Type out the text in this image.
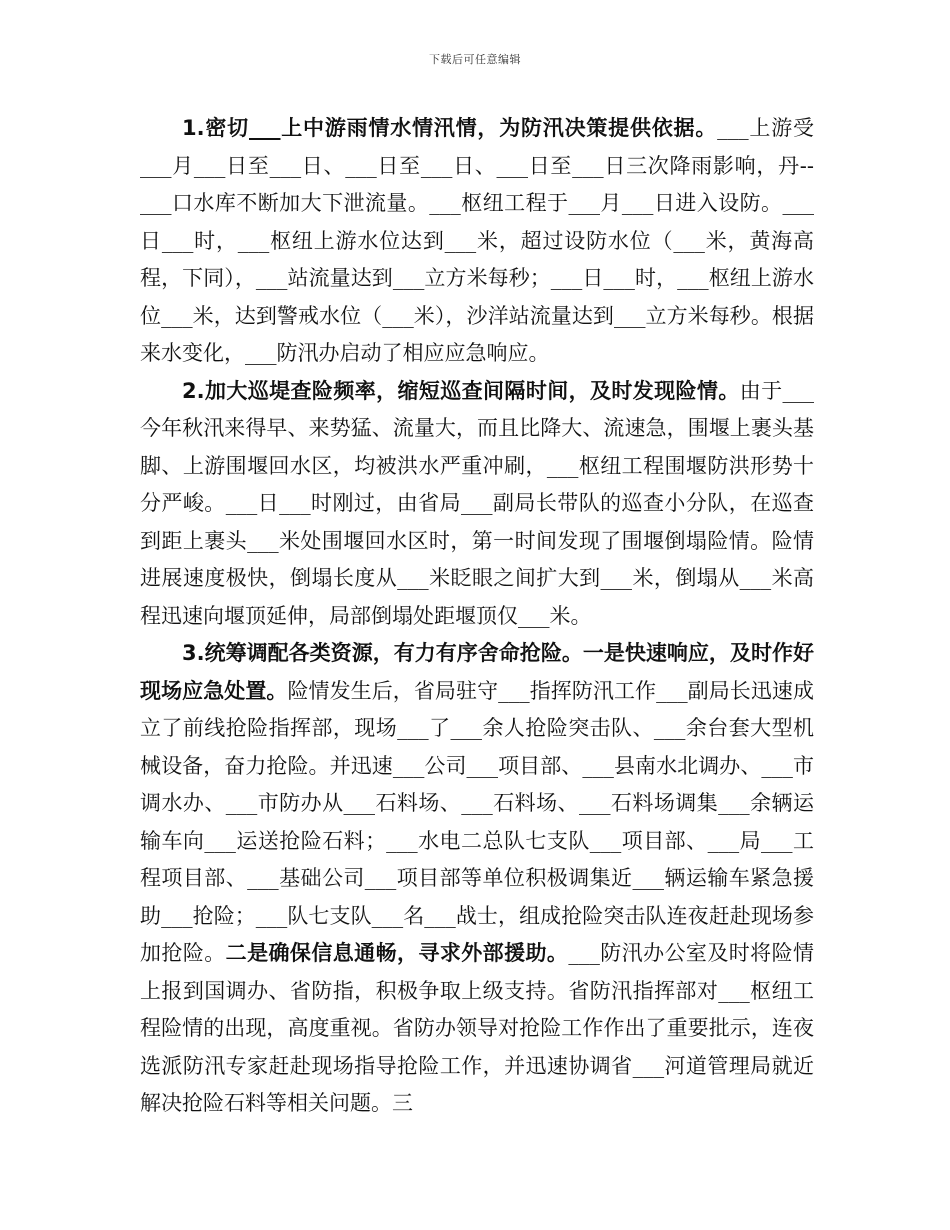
下载后可任意编辑

1.密切___上中游雨情水情汛情，为防汛决策提供依据。___上游受___月___日至___日、___日至___日、___日至___日三次降雨影响，丹--___口水库不断加大下泄流量。___枢纽工程于___月___日进入设防。___日___时，___枢纽上游水位达到___米，超过设防水位（___米，黄海高程，下同），___站流量达到___立方米每秒；___日___时，___枢纽上游水位___米，达到警戒水位（___米），沙洋站流量达到___立方米每秒。根据来水变化，___防汛办启动了相应应急响应。

2.加大巡堤查险频率，缩短巡查间隔时间，及时发现险情。由于___今年秋汛来得早、来势猛、流量大，而且比降大、流速急，围堰上裹头基脚、上游围堰回水区，均被洪水严重冲刷，___枢纽工程围堰防洪形势十分严峻。___日___时刚过，由省局___副局长带队的巡查小分队，在巡查到距上裹头___米处围堰回水区时，第一时间发现了围堰倒塌险情。险情进展速度极快，倒塌长度从___米眨眼之间扩大到___米，倒塌从___米高程迅速向堰顶延伸，局部倒塌处距堰顶仅___米。

3.统筹调配各类资源，有力有序舍命抢险。一是快速响应，及时作好现场应急处置。险情发生后，省局驻守___指挥防汛工作___副局长迅速成立了前线抢险指挥部，现场___了___余人抢险突击队、___余台套大型机械设备，奋力抢险。并迅速___公司___项目部、___县南水北调办、___市调水办、___市防办从___石料场、___石料场、___石料场调集___余辆运输车向___运送抢险石料；___水电二总队七支队___项目部、___局___工程项目部、___基础公司___项目部等单位积极调集近___辆运输车紧急援助___抢险；___队七支队___名___战士，组成抢险突击队连夜赶赴现场参加抢险。二是确保信息通畅，寻求外部援助。___防汛办公室及时将险情上报到国调办、省防指，积极争取上级支持。省防汛指挥部对___枢纽工程险情的出现，高度重视。省防办领导对抢险工作作出了重要批示，连夜选派防汛专家赶赴现场指导抢险工作，并迅速协调省___河道管理局就近解决抢险石料等相关问题。三
